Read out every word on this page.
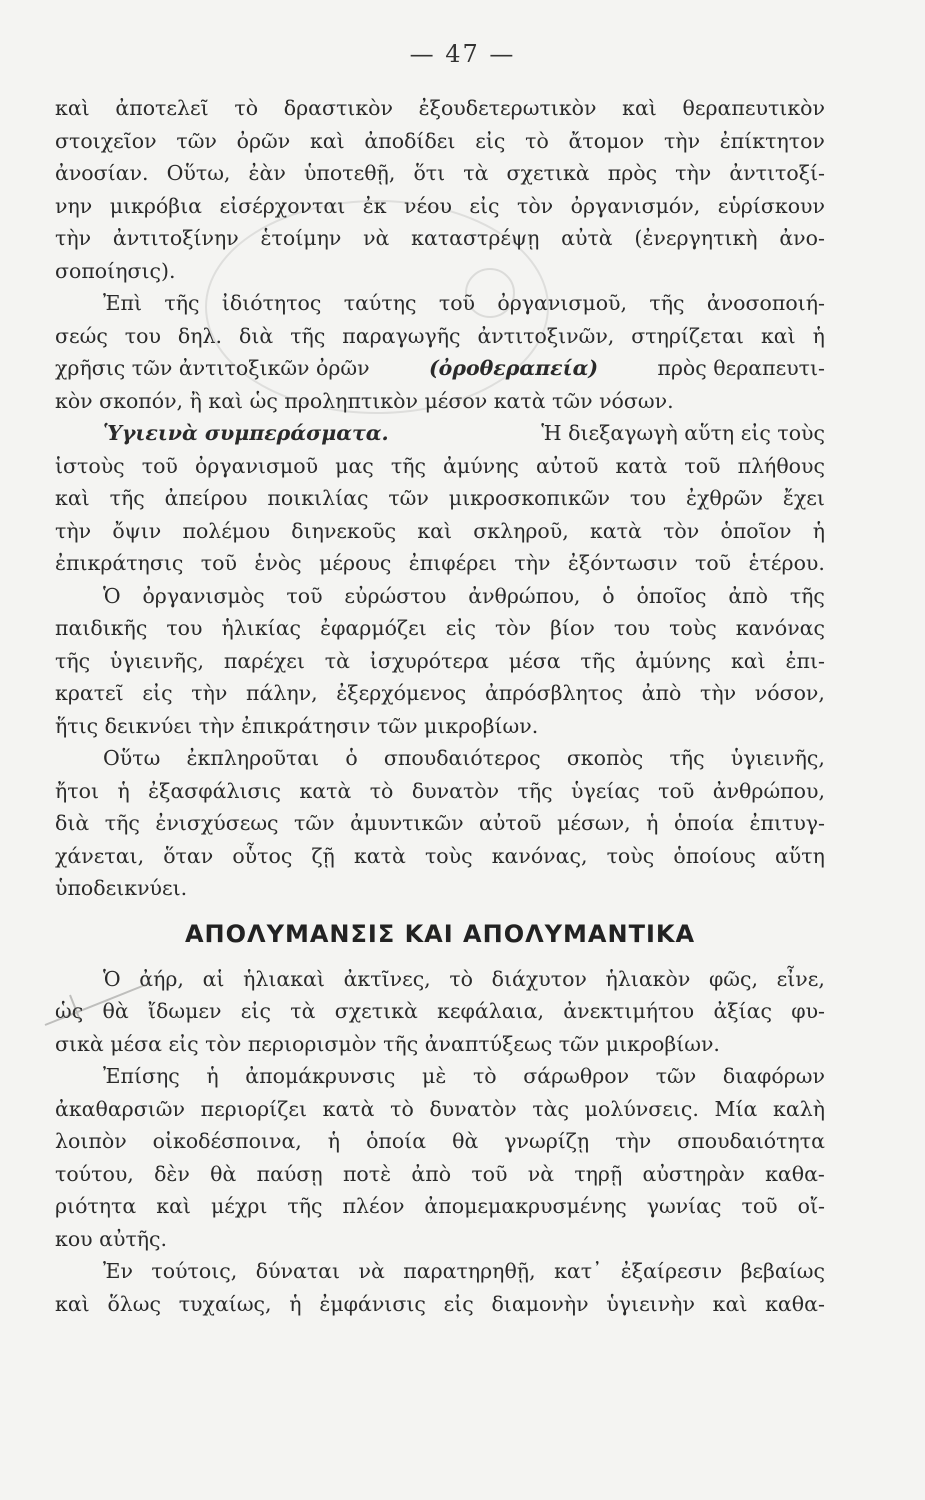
— 47 —
καὶ ἀποτελεῖ τὸ δραστικὸν ἐξουδετερωτικὸν καὶ θεραπευτικὸν
στοιχεῖον τῶν ὀρῶν καὶ ἀποδίδει εἰς τὸ ἄτομον τὴν ἐπίκτητον
ἀνοσίαν. Οὕτω, ἐὰν ὑποτεθῇ, ὅτι τὰ σχετικὰ πρὸς τὴν ἀντιτοξί-
νην μικρόβια εἰσέρχονται ἐκ νέου εἰς τὸν ὀργανισμόν, εὑρίσκουν
τὴν ἀντιτοξίνην ἑτοίμην νὰ καταστρέψῃ αὐτὰ (ἐνεργητικὴ ἀνο-
σοποίησις).
Ἐπὶ τῆς ἰδιότητος ταύτης τοῦ ὀργανισμοῦ, τῆς ἀνοσοποιή-
σεώς του δηλ. διὰ τῆς παραγωγῆς ἀντιτοξινῶν, στηρίζεται καὶ ἡ
χρῆσις τῶν ἀντιτοξικῶν ὀρῶν	(ὀροθεραπεία)	πρὸς θεραπευτι-
κὸν σκοπόν, ἢ καὶ ὡς προληπτικὸν μέσον κατὰ τῶν νόσων.
Ὑγιεινὰ συμπεράσματα.	Ἡ διεξαγωγὴ αὕτη εἰς τοὺς
ἱστοὺς τοῦ ὀργανισμοῦ μας τῆς ἀμύνης αὐτοῦ κατὰ τοῦ πλήθους
καὶ τῆς ἀπείρου ποικιλίας τῶν μικροσκοπικῶν του ἐχθρῶν ἔχει
τὴν ὄψιν πολέμου διηνεκοῦς καὶ σκληροῦ, κατὰ τὸν ὁποῖον ἡ
ἐπικράτησις τοῦ ἑνὸς μέρους ἐπιφέρει τὴν ἐξόντωσιν τοῦ ἑτέρου.
Ὁ ὀργανισμὸς τοῦ εὐρώστου ἀνθρώπου, ὁ ὁποῖος ἀπὸ τῆς
παιδικῆς του ἡλικίας ἐφαρμόζει εἰς τὸν βίον του τοὺς κανόνας
τῆς ὑγιεινῆς, παρέχει τὰ ἰσχυρότερα μέσα τῆς ἀμύνης καὶ ἐπι-
κρατεῖ εἰς τὴν πάλην, ἐξερχόμενος ἀπρόσβλητος ἀπὸ τὴν νόσον,
ἥτις δεικνύει τὴν ἐπικράτησιν τῶν μικροβίων.
Οὕτω ἐκπληροῦται ὁ σπουδαιότερος σκοπὸς τῆς ὑγιεινῆς,
ἤτοι ἡ ἐξασφάλισις κατὰ τὸ δυνατὸν τῆς ὑγείας τοῦ ἀνθρώπου,
διὰ τῆς ἐνισχύσεως τῶν ἀμυντικῶν αὐτοῦ μέσων, ἡ ὁποία ἐπιτυγ-
χάνεται, ὅταν οὗτος ζῇ κατὰ τοὺς κανόνας, τοὺς ὁποίους αὕτη
ὑποδεικνύει.
ΑΠΟΛΥΜΑΝΣΙΣ ΚΑΙ ΑΠΟΛΥΜΑΝΤΙΚΑ
Ὁ ἀήρ, αἱ ἡλιακαὶ ἀκτῖνες, τὸ διάχυτον ἡλιακὸν φῶς, εἶνε,
ὡς θὰ ἴδωμεν εἰς τὰ σχετικὰ κεφάλαια, ἀνεκτιμήτου ἀξίας φυ-
σικὰ μέσα εἰς τὸν περιορισμὸν τῆς ἀναπτύξεως τῶν μικροβίων.
Ἐπίσης ἡ ἀπομάκρυνσις μὲ τὸ σάρωθρον τῶν διαφόρων
ἀκαθαρσιῶν περιορίζει κατὰ τὸ δυνατὸν τὰς μολύνσεις. Μία καλὴ
λοιπὸν οἰκοδέσποινα, ἡ ὁποία θὰ γνωρίζῃ τὴν σπουδαιότητα
τούτου, δὲν θὰ παύσῃ ποτὲ ἀπὸ τοῦ νὰ τηρῇ αὐστηρὰν καθα-
ριότητα καὶ μέχρι τῆς πλέον ἀπομεμακρυσμένης γωνίας τοῦ οἴ-
κου αὐτῆς.
Ἐν τούτοις, δύναται νὰ παρατηρηθῇ, κατ᾽ ἐξαίρεσιν βεβαίως
καὶ ὅλως τυχαίως, ἡ ἐμφάνισις εἰς διαμονὴν ὑγιεινὴν καὶ καθα-
